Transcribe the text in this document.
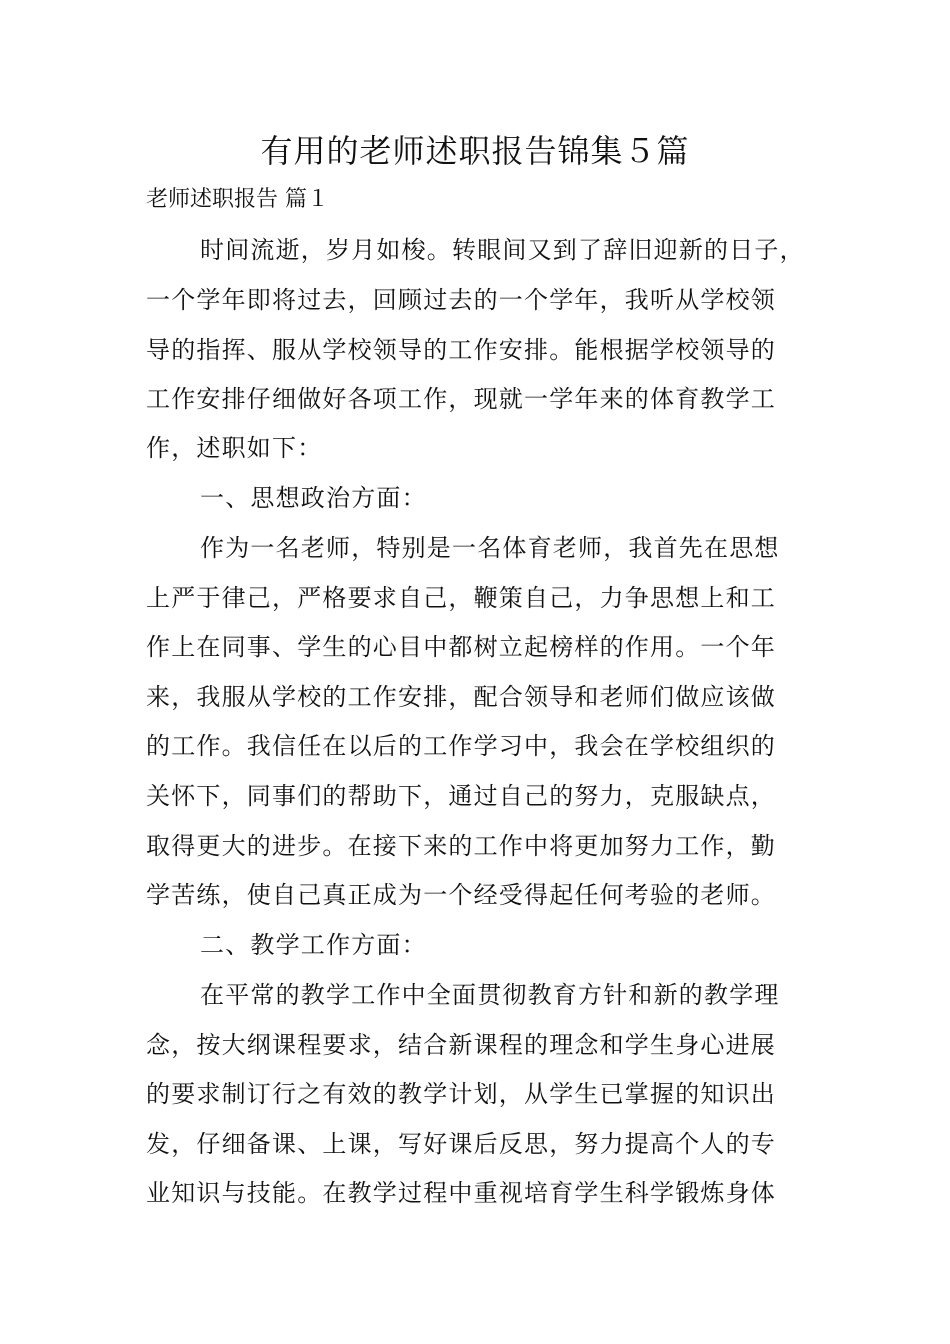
有用的老师述职报告锦集５篇
老师述职报告 篇１
时间流逝，岁月如梭。转眼间又到了辞旧迎新的日子，
一个学年即将过去，回顾过去的一个学年，我听从学校领
导的指挥、服从学校领导的工作安排。能根据学校领导的
工作安排仔细做好各项工作，现就一学年来的体育教学工
作，述职如下：
一、思想政治方面：
作为一名老师，特别是一名体育老师，我首先在思想
上严于律己，严格要求自己，鞭策自己，力争思想上和工
作上在同事、学生的心目中都树立起榜样的作用。一个年
来，我服从学校的工作安排，配合领导和老师们做应该做
的工作。我信任在以后的工作学习中，我会在学校组织的
关怀下，同事们的帮助下，通过自己的努力，克服缺点，
取得更大的进步。在接下来的工作中将更加努力工作，勤
学苦练，使自己真正成为一个经受得起任何考验的老师。
二、教学工作方面：
在平常的教学工作中全面贯彻教育方针和新的教学理
念，按大纲课程要求，结合新课程的理念和学生身心进展
的要求制订行之有效的教学计划，从学生已掌握的知识出
发，仔细备课、上课，写好课后反思，努力提高个人的专
业知识与技能。在教学过程中重视培育学生科学锻炼身体
